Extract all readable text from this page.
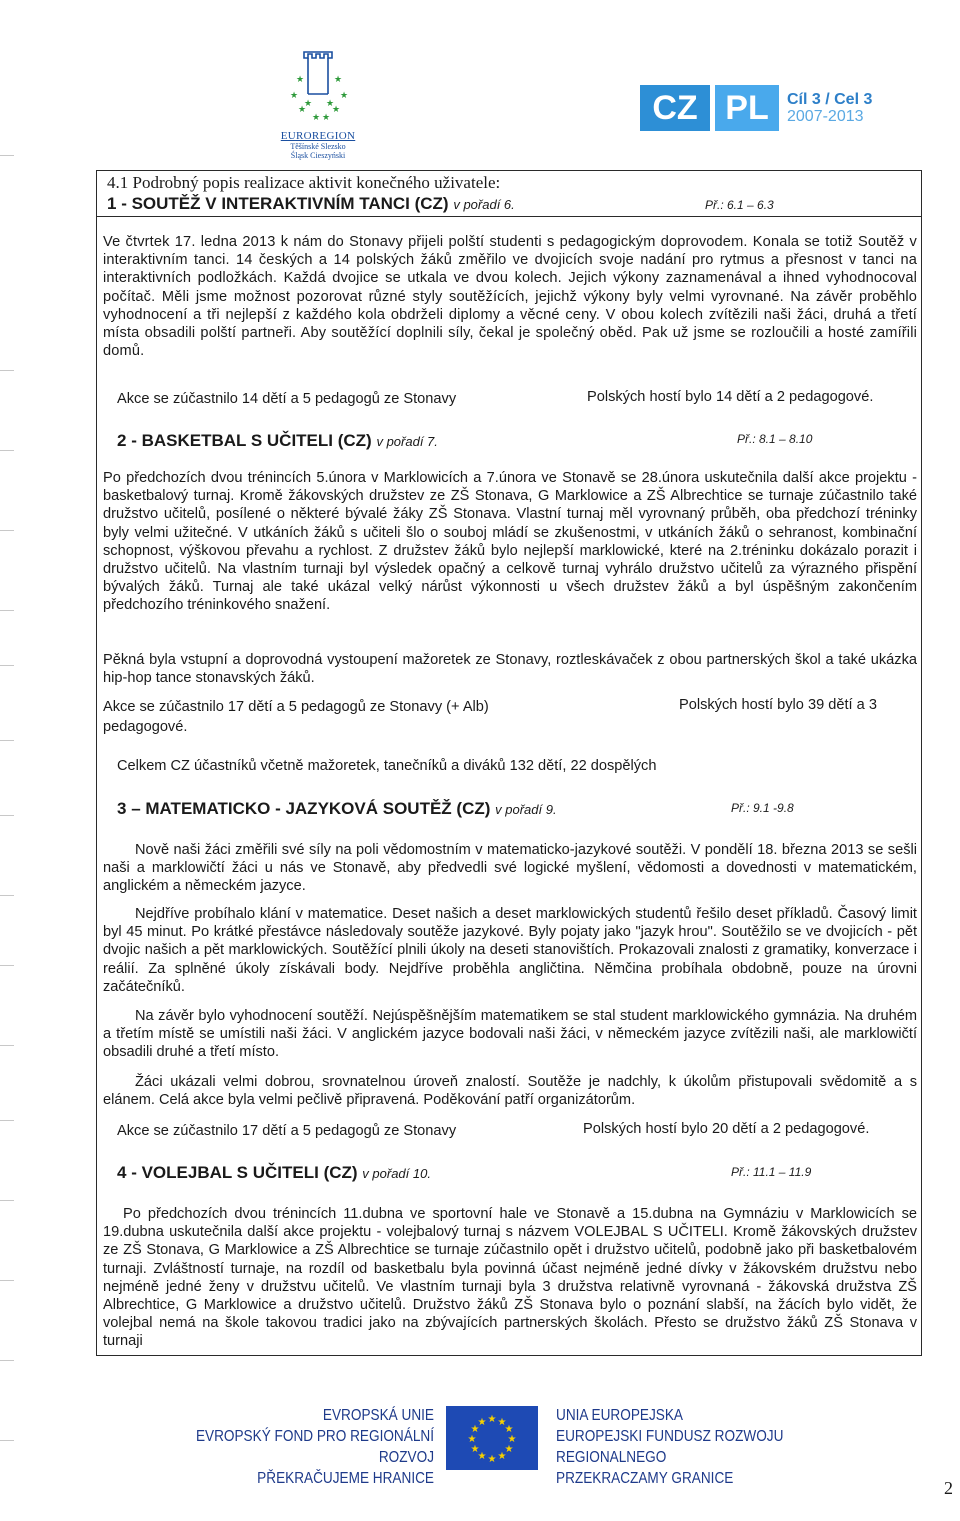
★	★
★	★
★	★
★ ★
★ ★
EUROREGION
Těšínské Slezsko
Śląsk Cieszyński
CZ PL	Cíl 3 / Cel 3
2007-2013
4.1 Podrobný popis realizace aktivit konečného uživatele:
1 - SOUTĚŽ V INTERAKTIVNÍM TANCI (CZ) v pořadí 6.	Př.: 6.1 – 6.3

Ve čtvrtek 17. ledna 2013 k nám do Stonavy přijeli polští studenti s pedagogickým doprovodem. Konala se totiž Soutěž v interaktivním tanci. 14 českých a 14 polských žáků změřilo ve dvojicích svoje nadání pro rytmus a přesnost v tanci na interaktivních podložkách. Každá dvojice se utkala ve dvou kolech. Jejich výkony zaznamenával a ihned vyhodnocoval počítač. Měli jsme možnost pozorovat různé styly soutěžících, jejichž výkony byly velmi vyrovnané. Na závěr proběhlo vyhodnocení a tři nejlepší z každého kola obdrželi diplomy a věcné ceny. V obou kolech zvítězili naši žáci, druhá a třetí místa obsadili polští partneři. Aby soutěžící doplnili síly, čekal je společný oběd. Pak už jsme se rozloučili a hosté zamířili domů.

Akce se zúčastnilo 14 dětí a 5 pedagogů ze Stonavy	Polských hostí bylo 14 dětí a 2 pedagogové.
2 - BASKETBAL S UČITELI (CZ) v pořadí 7.	Př.: 8.1 – 8.10

Po předchozích dvou trénincích 5.února v Marklowicích a 7.února ve Stonavě se 28.února uskutečnila další akce projektu - basketbalový turnaj. Kromě žákovských družstev ze ZŠ Stonava, G Marklowice a ZŠ Albrechtice se turnaje zúčastnilo také družstvo učitelů, posílené o některé bývalé žáky ZŠ Stonava. Vlastní turnaj měl vyrovnaný průběh, oba předchozí tréninky byly velmi užitečné. V utkáních žáků s učiteli šlo o souboj mládí se zkušenostmi, v utkáních žáků o sehranost, kombinační schopnost, výškovou převahu a rychlost. Z družstev žáků bylo nejlepší marklowické, které na 2.tréninku dokázalo porazit i družstvo učitelů. Na vlastním turnaji byl výsledek opačný a celkově turnaj vyhrálo družstvo učitelů za výrazného přispění bývalých žáků. Turnaj ale také ukázal velký nárůst výkonnosti u všech družstev žáků a byl úspěšným zakončením předchozího tréninkového snažení.

Pěkná byla vstupní a doprovodná vystoupení mažoretek ze Stonavy, roztleskávaček z obou partnerských škol a také ukázka hip-hop tance stonavských žáků.

Akce se zúčastnilo 17 dětí a 5 pedagogů ze Stonavy (+ Alb)	Polských hostí bylo 39 dětí a 3
pedagogové.
Celkem CZ účastníků včetně mažoretek, tanečníků a diváků 132 dětí, 22 dospělých
3 – MATEMATICKO - JAZYKOVÁ SOUTĚŽ (CZ) v pořadí 9.	Př.: 9.1 -9.8

Nově naši žáci změřili své síly na poli vědomostním v matematicko-jazykové soutěži. V pondělí 18. března 2013 se sešli naši a marklowičtí žáci u nás ve Stonavě, aby předvedli své logické myšlení, vědomosti a dovednosti v matematickém, anglickém a německém jazyce.

Nejdříve probíhalo klání v matematice. Deset našich a deset marklowických studentů řešilo deset příkladů. Časový limit byl 45 minut. Po krátké přestávce následovaly soutěže jazykové. Byly pojaty jako "jazyk hrou". Soutěžilo se ve dvojicích - pět dvojic našich a pět marklowických. Soutěžící plnili úkoly na deseti stanovištích. Prokazovali znalosti z gramatiky, konverzace i reálií. Za splněné úkoly získávali body. Nejdříve proběhla angličtina. Němčina probíhala obdobně, pouze na úrovni začátečníků.

Na závěr bylo vyhodnocení soutěží. Nejúspěšnějším matematikem se stal student marklowického gymnázia. Na druhém a třetím místě se umístili naši žáci. V anglickém jazyce bodovali naši žáci, v německém jazyce zvítězili naši, ale marklowičtí obsadili druhé a třetí místo.

Žáci ukázali velmi dobrou, srovnatelnou úroveň znalostí. Soutěže je nadchly, k úkolům přistupovali svědomitě a s elánem. Celá akce byla velmi pečlivě připravená. Poděkování patří organizátorům.

Akce se zúčastnilo 17 dětí a 5 pedagogů ze Stonavy	Polských hostí bylo 20 dětí a 2 pedagogové.
4 - VOLEJBAL S UČITELI (CZ) v pořadí 10.	Př.: 11.1 – 11.9

Po předchozích dvou trénincích 11.dubna ve sportovní hale ve Stonavě a 15.dubna na Gymnáziu v Marklowicích se 19.dubna uskutečnila další akce projektu - volejbalový turnaj s názvem VOLEJBAL S UČITELI. Kromě žákovských družstev ze ZŠ Stonava, G Marklowice a ZŠ Albrechtice se turnaje zúčastnilo opět i družstvo učitelů, podobně jako při basketbalovém turnaji. Zvláštností turnaje, na rozdíl od basketbalu byla povinná účast nejméně jedné dívky v žákovském družstvu nebo nejméně jedné ženy v družstvu učitelů. Ve vlastním turnaji byla 3 družstva relativně vyrovnaná - žákovská družstva ZŠ Albrechtice, G Marklowice a družstvo učitelů. Družstvo žáků ZŠ Stonava bylo o poznání slabší, na žácích bylo vidět, že volejbal nemá na škole takovou tradici jako na zbývajících partnerských školách. Přesto se družstvo žáků ZŠ Stonava v turnaji

EVROPSKÁ UNIE
EVROPSKÝ FOND PRO REGIONÁLNÍ ROZVOJ
PŘEKRAČUJEME HRANICE
★ ★
★
★
★
★
★
★
★
★
★
★	UNIA EUROPEJSKA
EUROPEJSKI FUNDUSZ ROZWOJU REGIONALNEGO
PRZEKRACZAMY GRANICE	2
